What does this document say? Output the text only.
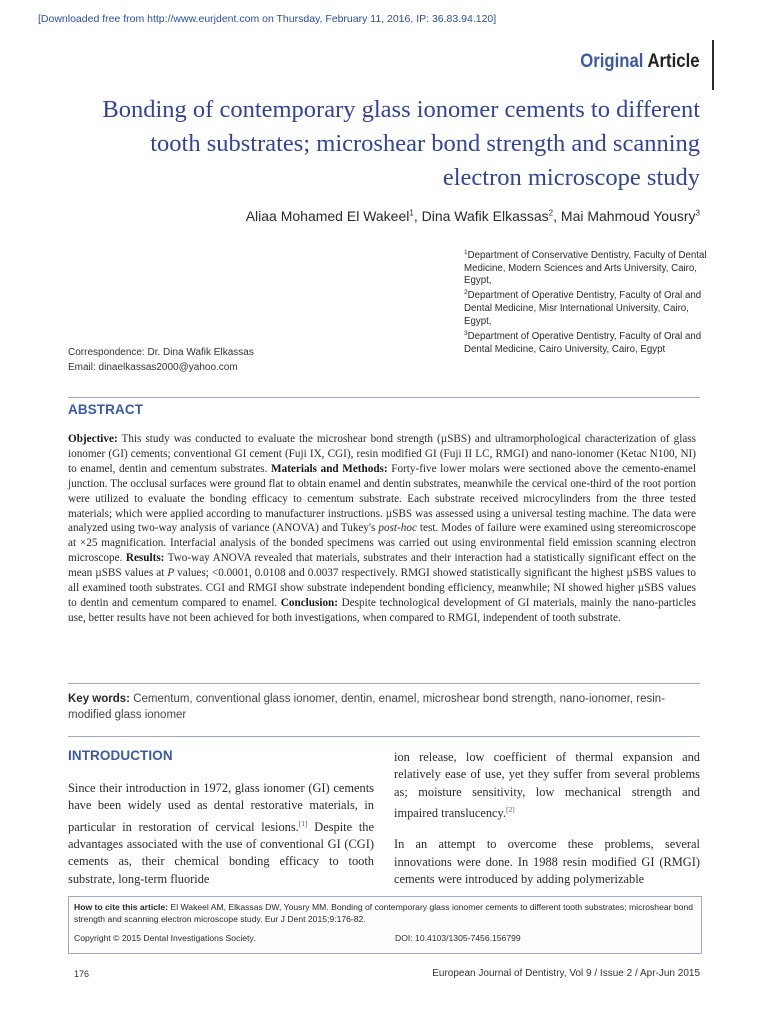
[Downloaded free from http://www.eurjdent.com on Thursday, February 11, 2016, IP: 36.83.94.120]
Original Article
Bonding of contemporary glass ionomer cements to different tooth substrates; microshear bond strength and scanning electron microscope study
Aliaa Mohamed El Wakeel$^1$, Dina Wafik Elkassas$^2$, Mai Mahmoud Yousry$^3$

$^1$Department of Conservative Dentistry, Faculty of Dental Medicine, Modern Sciences and Arts University, Cairo, Egypt,

$^2$Department of Operative Dentistry, Faculty of Oral and Dental Medicine, Misr International University, Cairo, Egypt,

$^3$Department of Operative Dentistry, Faculty of Oral and Dental Medicine, Cairo University, Cairo, Egypt

Correspondence: Dr. Dina Wafik Elkassas
Email: dinaelkassas2000@yahoo.com
ABSTRACT

Objective: This study was conducted to evaluate the microshear bond strength (µSBS) and ultramorphological characterization of glass ionomer (GI) cements; conventional GI cement (Fuji IX, CGI), resin modified GI (Fuji II LC, RMGI) and nano-ionomer (Ketac N100, NI) to enamel, dentin and cementum substrates. Materials and Methods: Forty-five lower molars were sectioned above the cemento-enamel junction. The occlusal surfaces were ground flat to obtain enamel and dentin substrates, meanwhile the cervical one-third of the root portion were utilized to evaluate the bonding efficacy to cementum substrate. Each substrate received microcylinders from the three tested materials; which were applied according to manufacturer instructions. µSBS was assessed using a universal testing machine. The data were analyzed using two-way analysis of variance (ANOVA) and Tukey's post-hoc test. Modes of failure were examined using stereomicroscope at ×25 magnification. Interfacial analysis of the bonded specimens was carried out using environmental field emission scanning electron microscope. Results: Two-way ANOVA revealed that materials, substrates and their interaction had a statistically significant effect on the mean µSBS values at P values; <0.0001, 0.0108 and 0.0037 respectively. RMGI showed statistically significant the highest µSBS values to all examined tooth substrates. CGI and RMGI show substrate independent bonding efficiency, meanwhile; NI showed higher µSBS values to dentin and cementum compared to enamel. Conclusion: Despite technological development of GI materials, mainly the nano-particles use, better results have not been achieved for both investigations, when compared to RMGI, independent of tooth substrate.

Key words: Cementum, conventional glass ionomer, dentin, enamel, microshear bond strength, nano-ionomer, resin-modified glass ionomer
INTRODUCTION

Since their introduction in 1972, glass ionomer (GI) cements have been widely used as dental restorative materials, in particular in restoration of cervical lesions.[1] Despite the advantages associated with the use of conventional GI (CGI) cements as, their chemical bonding efficacy to tooth substrate, long-term fluoride

ion release, low coefficient of thermal expansion and relatively ease of use, yet they suffer from several problems as; moisture sensitivity, low mechanical strength and impaired translucency.[2]

In an attempt to overcome these problems, several innovations were done. In 1988 resin modified GI (RMGI) cements were introduced by adding polymerizable

How to cite this article: El Wakeel AM, Elkassas DW, Yousry MM. Bonding of contemporary glass ionomer cements to different tooth substrates; microshear bond strength and scanning electron microscope study. Eur J Dent 2015;9:176-82.
Copyright © 2015 Dental Investigations Society.	DOI: 10.4103/1305-7456.156799
176	European Journal of Dentistry, Vol 9 / Issue 2 / Apr-Jun 2015
